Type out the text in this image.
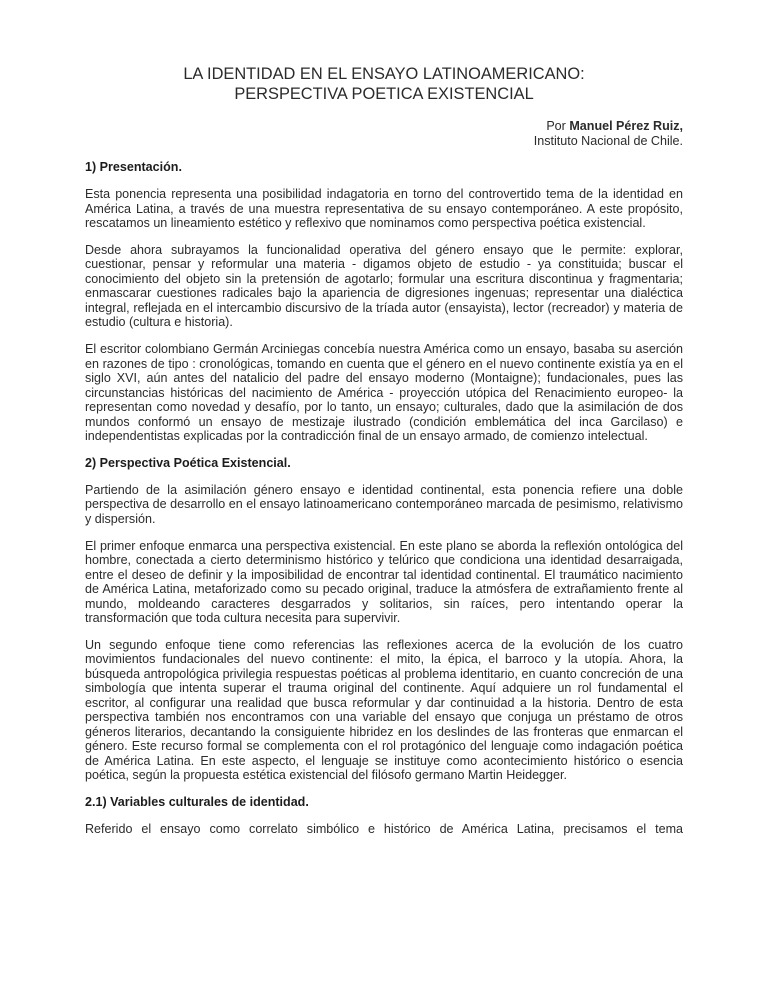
LA IDENTIDAD EN EL ENSAYO LATINOAMERICANO:
PERSPECTIVA POETICA EXISTENCIAL
Por Manuel Pérez Ruiz,
Instituto Nacional de Chile.
1) Presentación.
Esta ponencia representa una posibilidad indagatoria en torno del controvertido tema de la identidad en América Latina, a través de una muestra representativa de su ensayo contemporáneo. A este propósito, rescatamos un lineamiento estético y reflexivo que nominamos como perspectiva poética existencial.
Desde ahora subrayamos la funcionalidad operativa del género ensayo que le permite: explorar, cuestionar, pensar y reformular una materia - digamos objeto de estudio - ya constituida; buscar el conocimiento del objeto sin la pretensión de agotarlo; formular una escritura discontinua y fragmentaria; enmascarar cuestiones radicales bajo la apariencia de digresiones ingenuas; representar una dialéctica integral, reflejada en el intercambio discursivo de la tríada autor (ensayista), lector (recreador) y materia de estudio (cultura e historia).
El escritor colombiano Germán Arciniegas concebía nuestra América como un ensayo, basaba su aserción en razones de tipo : cronológicas, tomando en cuenta que el género en el nuevo continente existía ya en el siglo XVI, aún antes del natalicio del padre del ensayo moderno (Montaigne); fundacionales, pues las circunstancias históricas del nacimiento de América - proyección utópica del Renacimiento europeo- la representan como novedad y desafío, por lo tanto, un ensayo; culturales, dado que la asimilación de dos mundos conformó un ensayo de mestizaje ilustrado (condición emblemática del inca Garcilaso) e independentistas explicadas por la contradicción final de un ensayo armado, de comienzo intelectual.
2) Perspectiva Poética Existencial.
Partiendo de la asimilación género ensayo e identidad continental, esta ponencia refiere una doble perspectiva de desarrollo en el ensayo latinoamericano contemporáneo marcada de pesimismo, relativismo y dispersión.
El primer enfoque enmarca una perspectiva existencial. En este plano se aborda la reflexión ontológica del hombre, conectada a cierto determinismo histórico y telúrico que condiciona una identidad desarraigada, entre el deseo de definir y la imposibilidad de encontrar tal identidad continental. El traumático nacimiento de América Latina, metaforizado como su pecado original, traduce la atmósfera de extrañamiento frente al mundo, moldeando caracteres desgarrados y solitarios, sin raíces, pero intentando operar la transformación que toda cultura necesita para supervivir.
Un segundo enfoque tiene como referencias las reflexiones acerca de la evolución de los cuatro movimientos fundacionales del nuevo continente: el mito, la épica, el barroco y la utopía. Ahora, la búsqueda antropológica privilegia respuestas poéticas al problema identitario, en cuanto concreción de una simbología que intenta superar el trauma original del continente. Aquí adquiere un rol fundamental el escritor, al configurar una realidad que busca reformular y dar continuidad a la historia. Dentro de esta perspectiva también nos encontramos con una variable del ensayo que conjuga un préstamo de otros géneros literarios, decantando la consiguiente hibridez en los deslindes de las fronteras que enmarcan el género. Este recurso formal se complementa con el rol protagónico del lenguaje como indagación poética de América Latina. En este aspecto, el lenguaje se instituye como acontecimiento histórico o esencia poética, según la propuesta estética existencial del filósofo germano Martin Heidegger.
2.1) Variables culturales de identidad.
Referido el ensayo como correlato simbólico e histórico de América Latina, precisamos el tema
